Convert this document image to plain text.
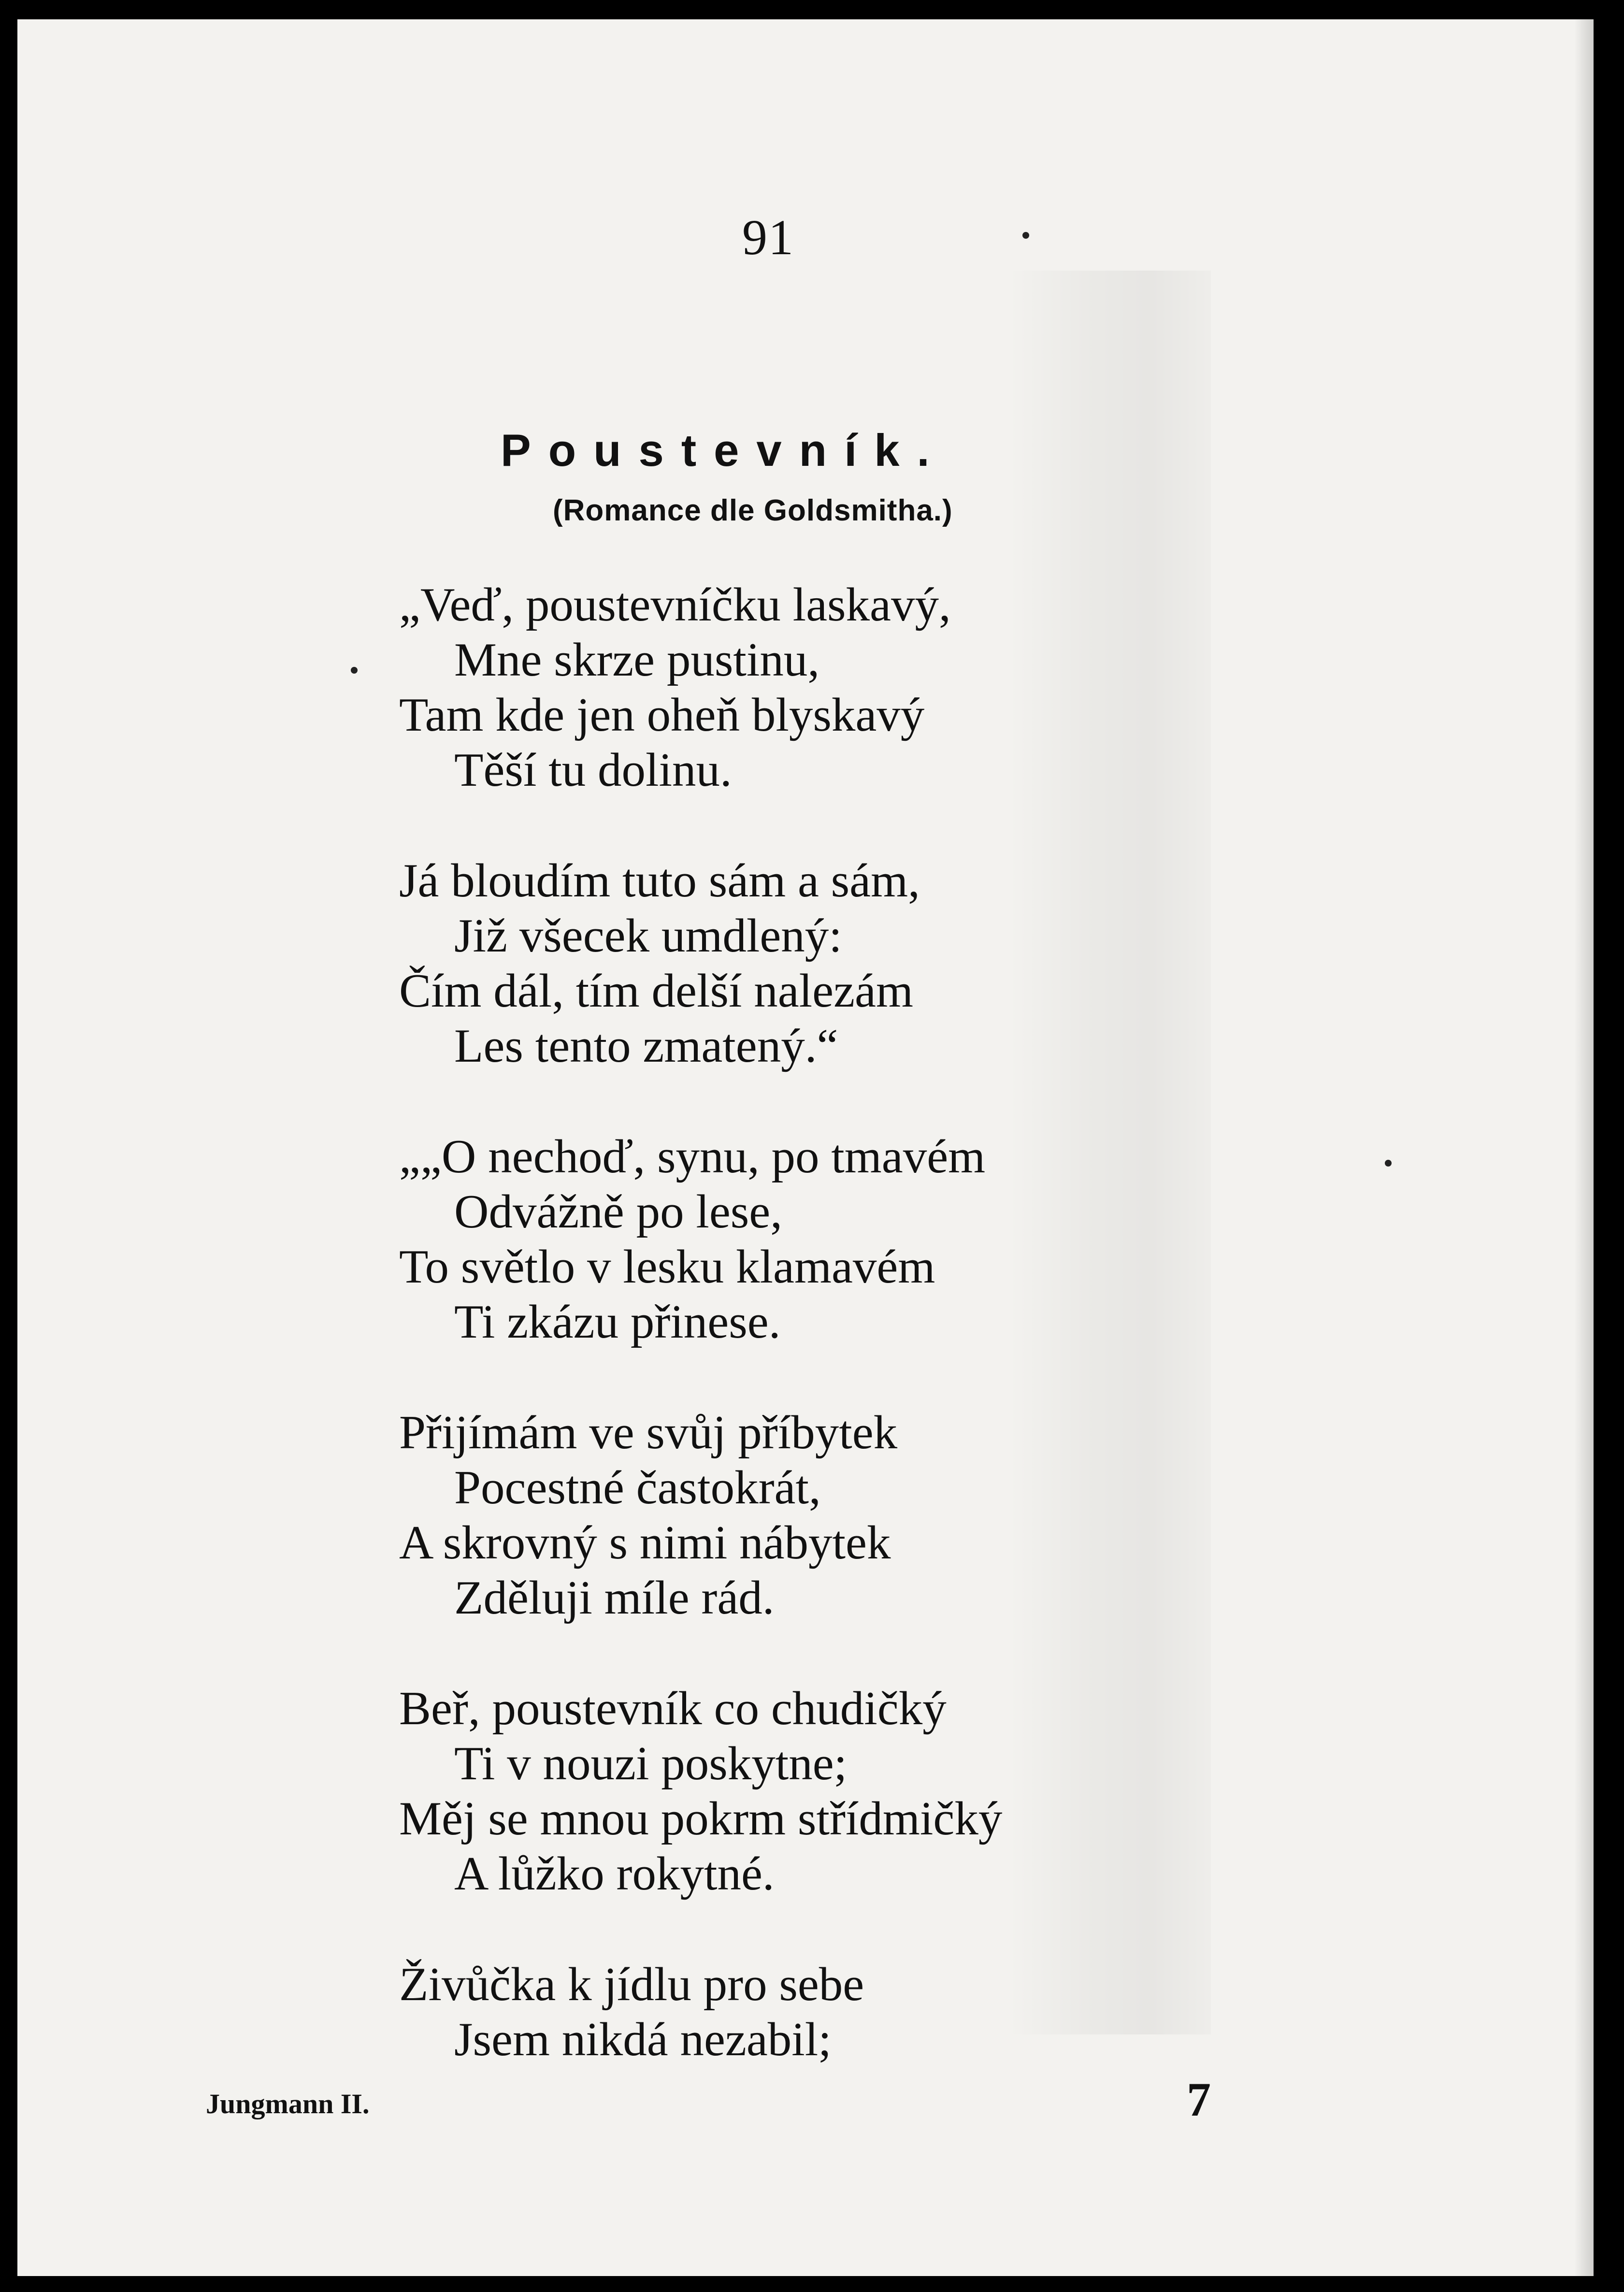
91
Poustevník.
(Romance dle Goldsmitha.)
„Veď, poustevníčku laskavý,
Mne skrze pustinu,
Tam kde jen oheň blyskavý
Těší tu dolinu.
Já bloudím tuto sám a sám,
Již všecek umdlený:
Čím dál, tím delší nalezám
Les tento zmatený.“
„„O nechoď, synu, po tmavém
Odvážně po lese,
To světlo v lesku klamavém
Ti zkázu přinese.
Přijímám ve svůj příbytek
Pocestné častokrát,
A skrovný s nimi nábytek
Zděluji míle rád.
Beř, poustevník co chudičký
Ti v nouzi poskytne;
Měj se mnou pokrm střídmičký
A lůžko rokytné.
Živůčka k jídlu pro sebe
Jsem nikdá nezabil;
Jungmann II.	7
